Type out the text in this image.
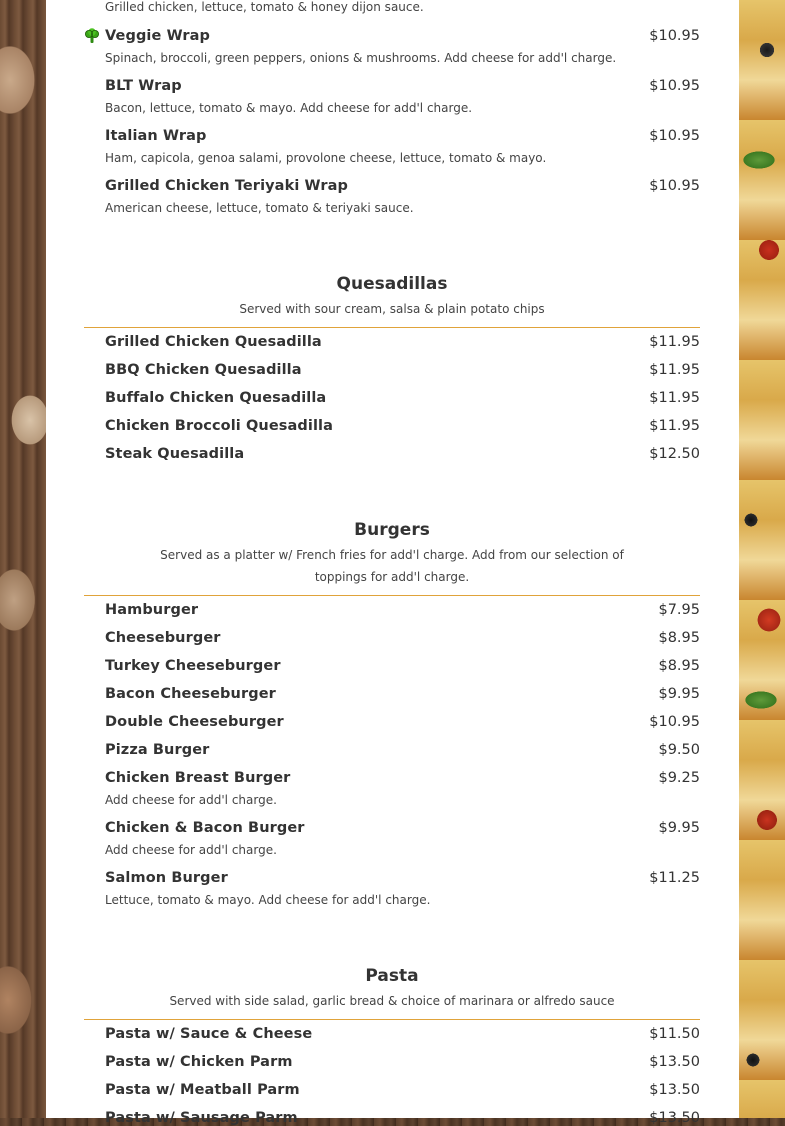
Grilled chicken, lettuce, tomato & honey dijon sauce.
Veggie Wrap	$10.95
Spinach, broccoli, green peppers, onions & mushrooms. Add cheese for add'l charge.
BLT Wrap	$10.95
Bacon, lettuce, tomato & mayo. Add cheese for add'l charge.
Italian Wrap	$10.95
Ham, capicola, genoa salami, provolone cheese, lettuce, tomato & mayo.
Grilled Chicken Teriyaki Wrap	$10.95
American cheese, lettuce, tomato & teriyaki sauce.
Quesadillas
Served with sour cream, salsa & plain potato chips
Grilled Chicken Quesadilla	$11.95
BBQ Chicken Quesadilla	$11.95
Buffalo Chicken Quesadilla	$11.95
Chicken Broccoli Quesadilla	$11.95
Steak Quesadilla	$12.50
Burgers
Served as a platter w/ French fries for add'l charge. Add from our selection of
toppings for add'l charge.
Hamburger	$7.95
Cheeseburger	$8.95
Turkey Cheeseburger	$8.95
Bacon Cheeseburger	$9.95
Double Cheeseburger	$10.95
Pizza Burger	$9.50
Chicken Breast Burger	$9.25
Add cheese for add'l charge.
Chicken & Bacon Burger	$9.95
Add cheese for add'l charge.
Salmon Burger	$11.25
Lettuce, tomato & mayo. Add cheese for add'l charge.
Pasta
Served with side salad, garlic bread & choice of marinara or alfredo sauce
Pasta w/ Sauce & Cheese	$11.50
Pasta w/ Chicken Parm	$13.50
Pasta w/ Meatball Parm	$13.50
Pasta w/ Sausage Parm	$13.50
